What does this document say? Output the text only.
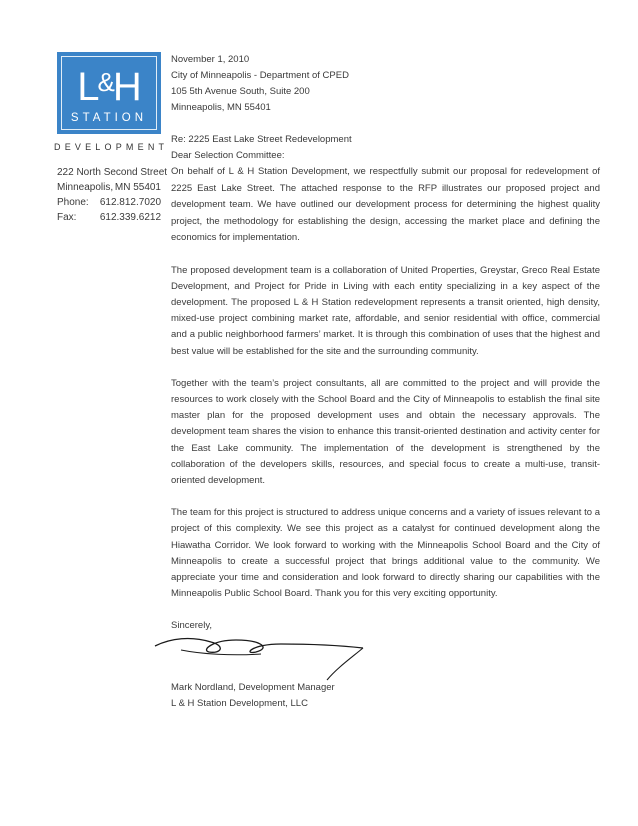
L&H
STATION
DEVELOPMENT
222 North Second Street
Minneapolis, MN 55401
Phone: 612.812.7020
Fax: 612.339.6212

November 1, 2010

City of Minneapolis - Department of CPED

105 5th Avenue South, Suite 200

Minneapolis, MN 55401

Re: 2225 East Lake Street Redevelopment

Dear Selection Committee:

On behalf of L & H Station Development, we respectfully submit our proposal for redevelopment of 2225 East Lake Street. The attached response to the RFP illustrates our proposed project and development team. We have outlined our development process for determining the highest quality project, the methodology for establishing the design, accessing the market place and defining the economics for implementation.

The proposed development team is a collaboration of United Properties, Greystar, Greco Real Estate Development, and Project for Pride in Living with each entity specializing in a key aspect of the development. The proposed L & H Station redevelopment represents a transit oriented, high density, mixed-use project combining market rate, affordable, and senior residential with office, commercial and a public neighborhood farmers’ market. It is through this combination of uses that the highest and best value will be established for the site and the surrounding community.

Together with the team’s project consultants, all are committed to the project and will provide the resources to work closely with the School Board and the City of Minneapolis to establish the final site master plan for the proposed development uses and obtain the necessary approvals. The development team shares the vision to enhance this transit-oriented destination and activity center for the East Lake community. The implementation of the development is strengthened by the collaboration of the developers skills, resources, and special focus to create a multi-use, transit-oriented development.

The team for this project is structured to address unique concerns and a variety of issues relevant to a project of this complexity. We see this project as a catalyst for continued development along the Hiawatha Corridor. We look forward to working with the Minneapolis School Board and the City of Minneapolis to create a successful project that brings additional value to the community. We appreciate your time and consideration and look forward to directly sharing our capabilities with the Minneapolis Public School Board. Thank you for this very exciting opportunity.

Sincerely,

Mark Nordland, Development Manager

L & H Station Development, LLC
